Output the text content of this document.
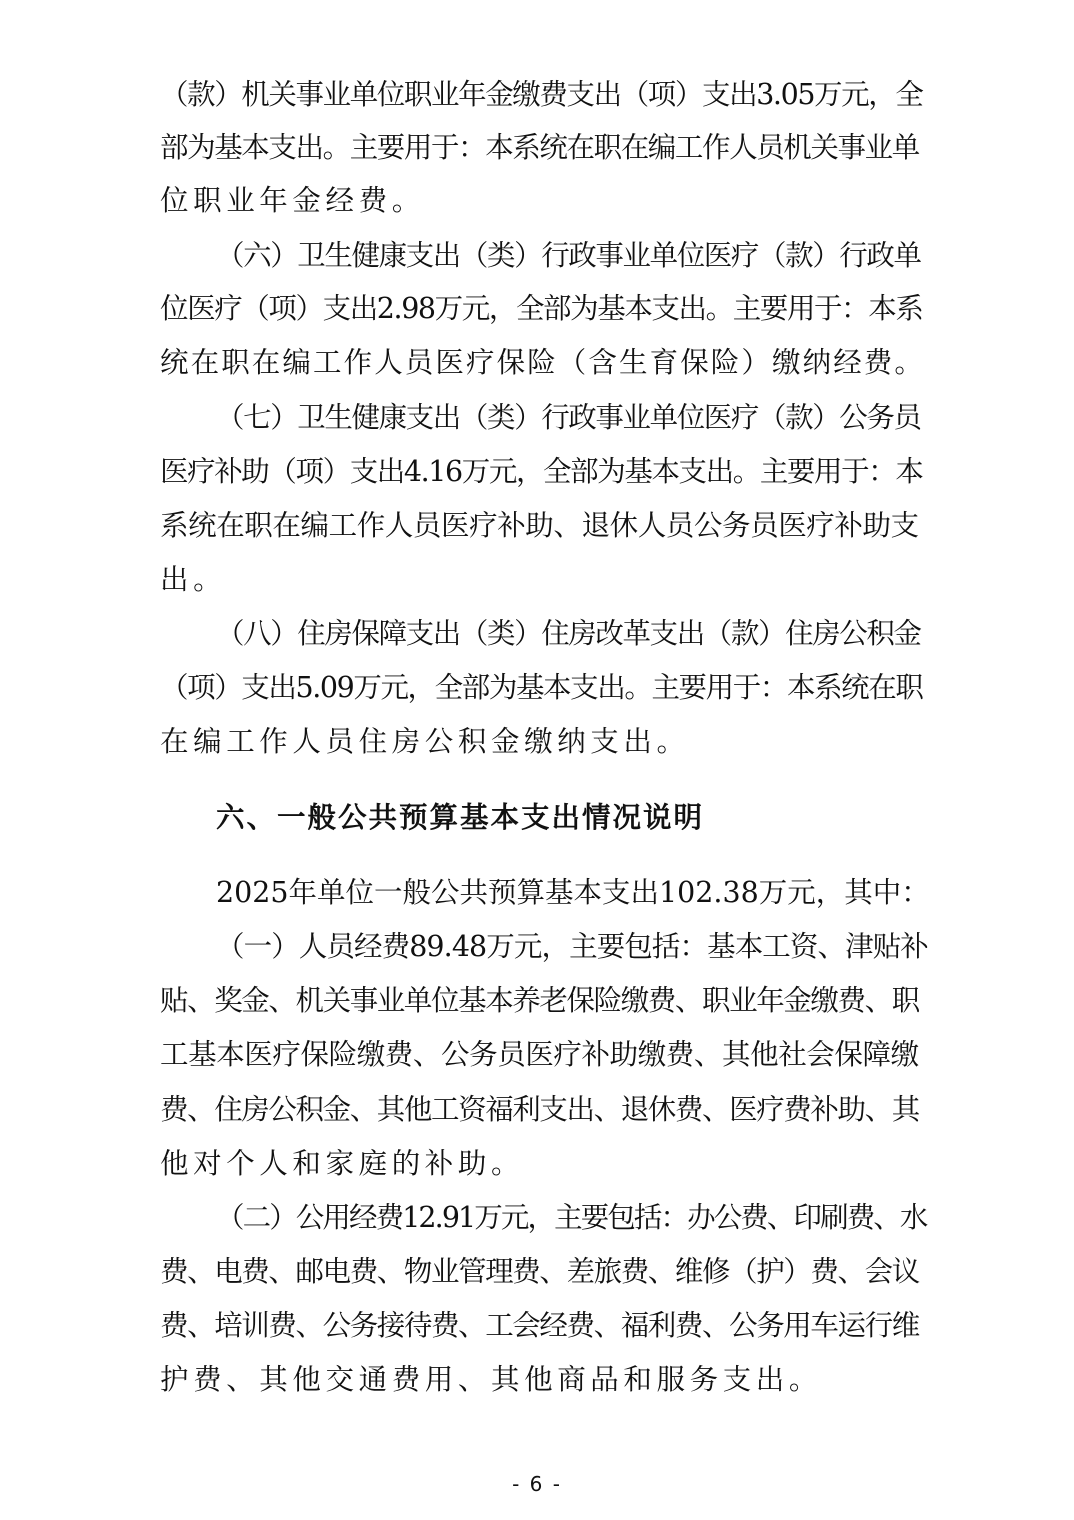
（款）机关事业单位职业年金缴费支出（项）支出3.05万元，全
部为基本支出。主要用于：本系统在职在编工作人员机关事业单
位职业年金经费。
（六）卫生健康支出（类）行政事业单位医疗（款）行政单
位医疗（项）支出2.98万元，全部为基本支出。主要用于：本系
统在职在编工作人员医疗保险（含生育保险）缴纳经费。
（七）卫生健康支出（类）行政事业单位医疗（款）公务员
医疗补助（项）支出4.16万元，全部为基本支出。主要用于：本
系统在职在编工作人员医疗补助、退休人员公务员医疗补助支
出。
（八）住房保障支出（类）住房改革支出（款）住房公积金
（项）支出5.09万元，全部为基本支出。主要用于：本系统在职
在编工作人员住房公积金缴纳支出。
六、一般公共预算基本支出情况说明
2025年单位一般公共预算基本支出102.38万元，其中：
（一）人员经费89.48万元，主要包括：基本工资、津贴补
贴、奖金、机关事业单位基本养老保险缴费、职业年金缴费、职
工基本医疗保险缴费、公务员医疗补助缴费、其他社会保障缴
费、住房公积金、其他工资福利支出、退休费、医疗费补助、其
他对个人和家庭的补助。
（二）公用经费12.91万元，主要包括：办公费、印刷费、水
费、电费、邮电费、物业管理费、差旅费、维修（护）费、会议
费、培训费、公务接待费、工会经费、福利费、公务用车运行维
护费、其他交通费用、其他商品和服务支出。
- 6 -
